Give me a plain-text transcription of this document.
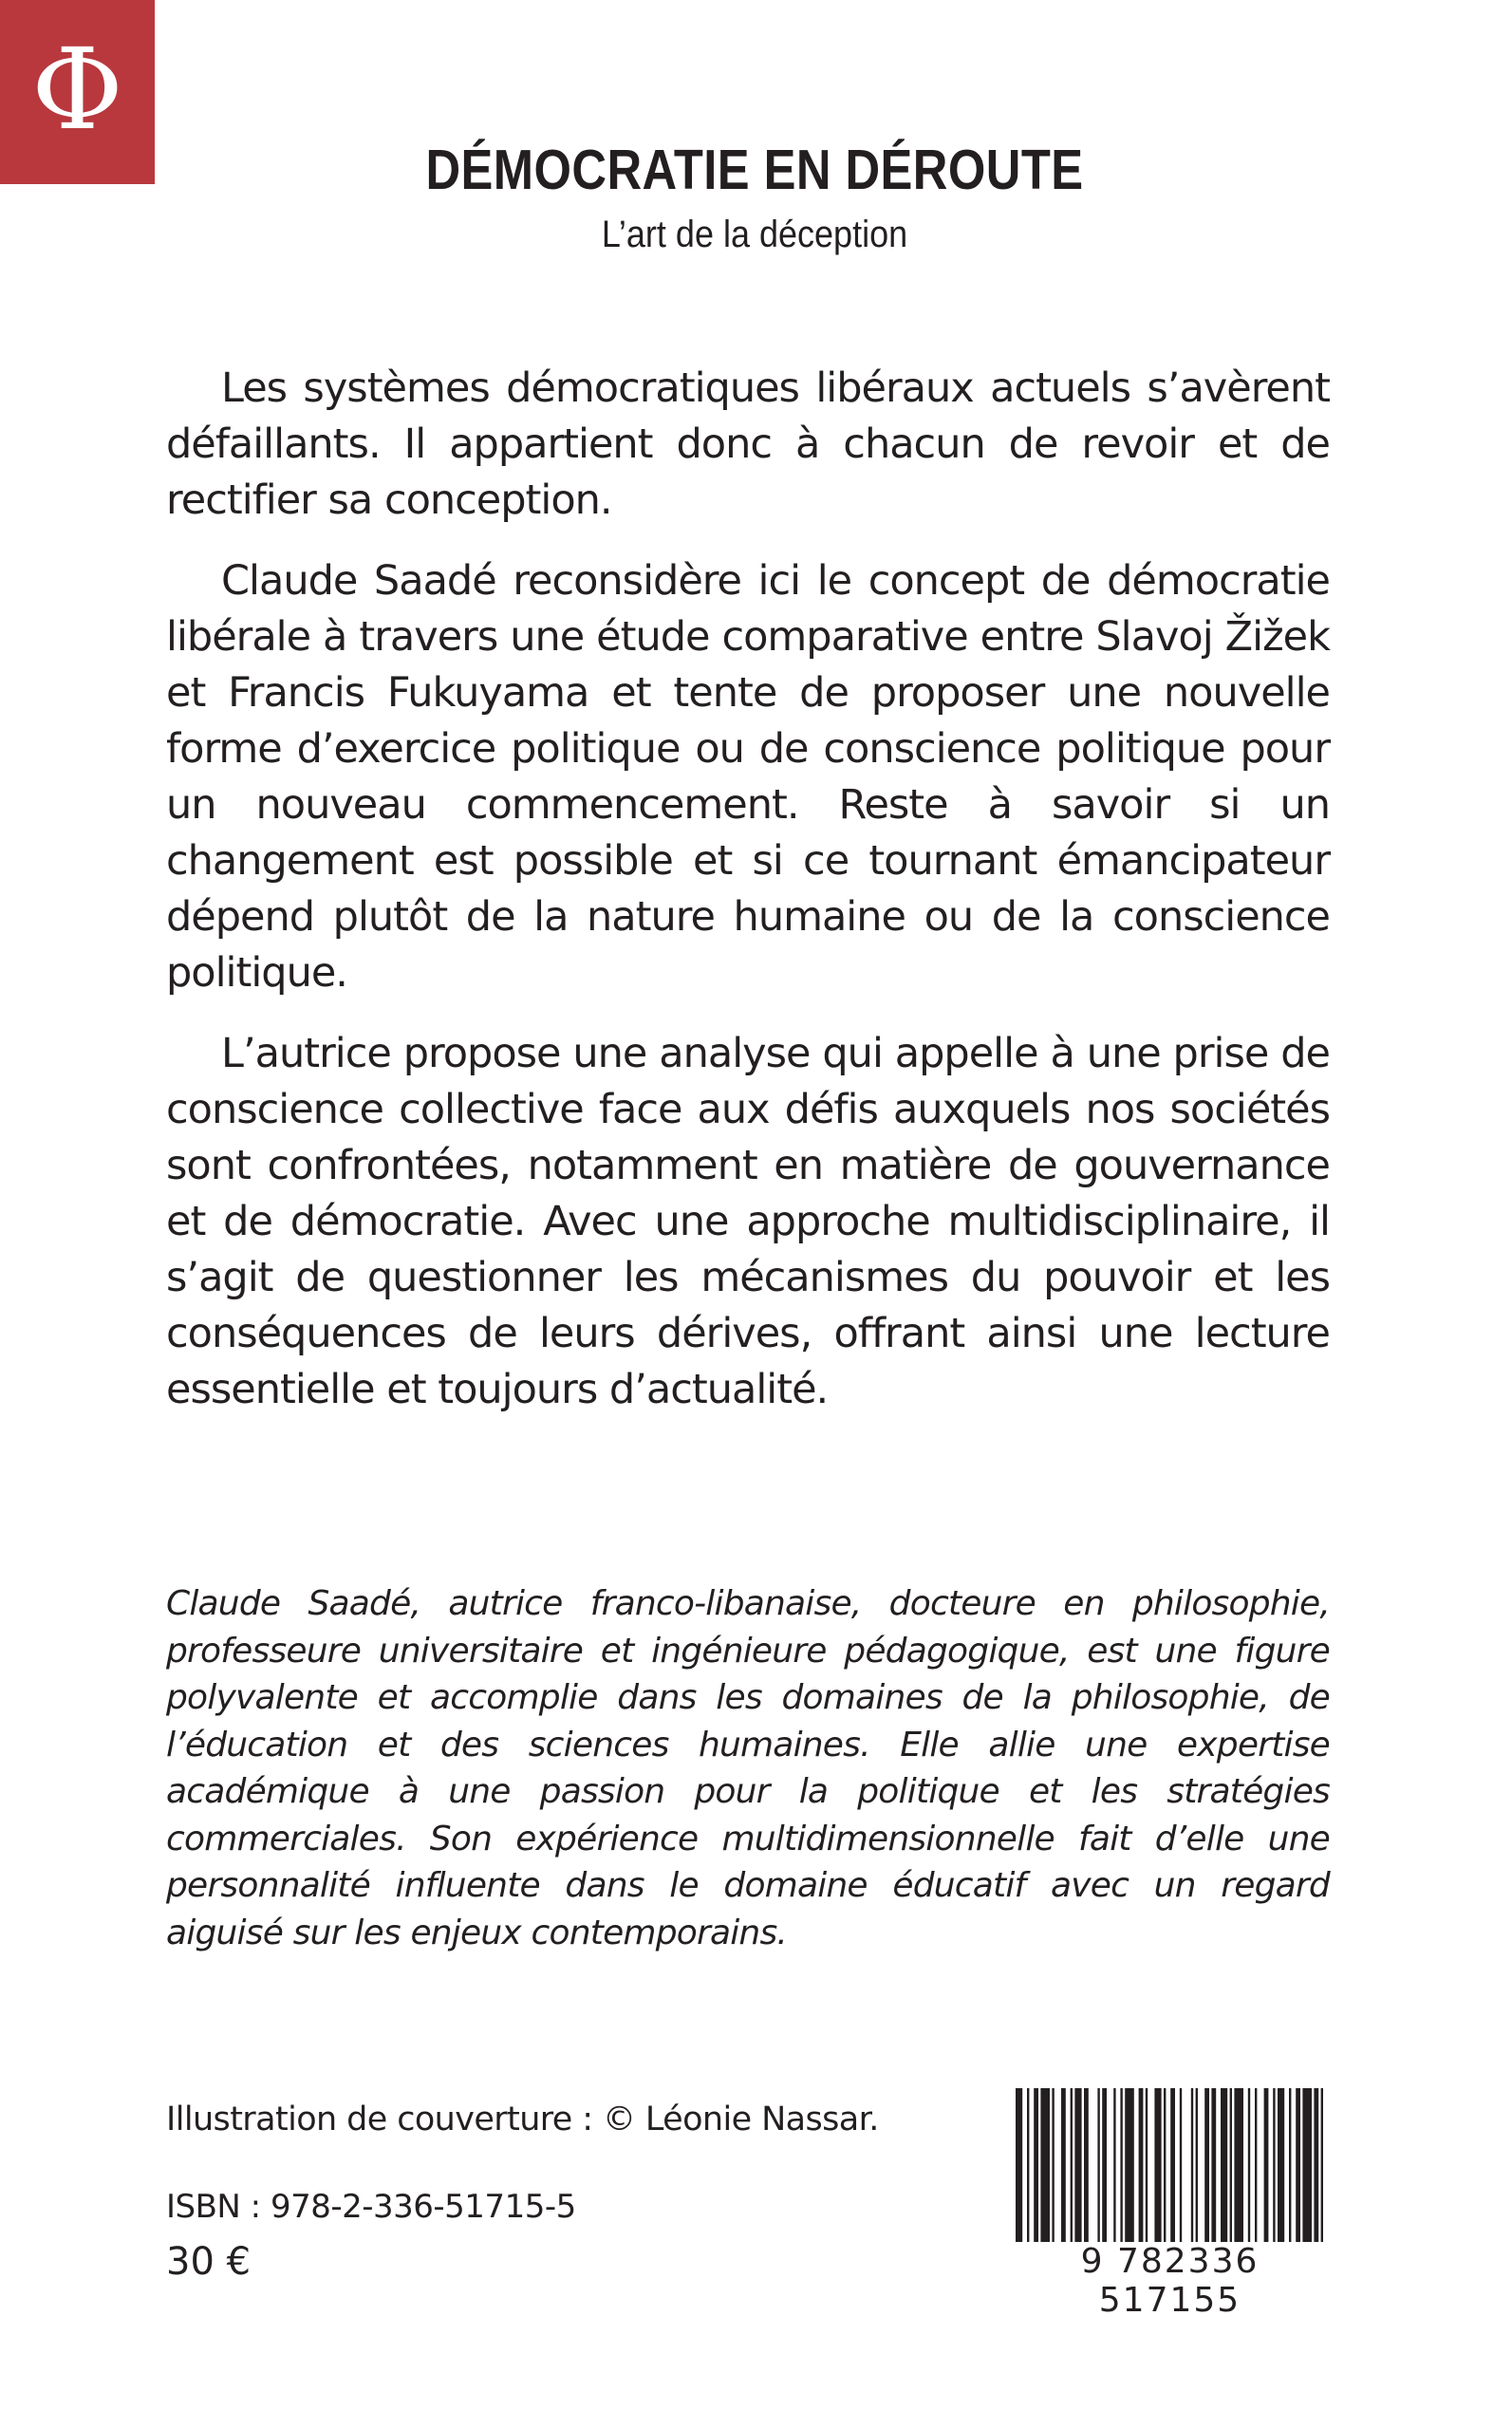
Φ
DÉMOCRATIE EN DÉROUTE
L’art de la déception

Les systèmes démocratiques libéraux actuels s’avèrent défaillants. Il appartient donc à chacun de revoir et de rectifier sa conception.

Claude Saadé reconsidère ici le concept de démocratie libérale à travers une étude comparative entre Slavoj Žižek et Francis Fukuyama et tente de proposer une nouvelle forme d’exercice politique ou de conscience politique pour un nouveau commencement. Reste à savoir si un changement est possible et si ce tournant émancipateur dépend plutôt de la nature humaine ou de la conscience politique.

L’autrice propose une analyse qui appelle à une prise de conscience collective face aux défis auxquels nos sociétés sont confrontées, notamment en matière de gouvernance et de démocratie. Avec une approche multidisciplinaire, il s’agit de questionner les mécanismes du pouvoir et les conséquences de leurs dérives, offrant ainsi une lecture essentielle et toujours d’actualité.

Claude Saadé, autrice franco-libanaise, docteure en philosophie, professeure universitaire et ingénieure pédagogique, est une figure polyvalente et accomplie dans les domaines de la philosophie, de l’éducation et des sciences humaines. Elle allie une expertise académique à une passion pour la politique et les stratégies commerciales. Son expérience multidimensionnelle fait d’elle une personnalité influente dans le domaine éducatif avec un regard aiguisé sur les enjeux contemporains.
Illustration de couverture : © Léonie Nassar.
ISBN : 978-2-336-51715-5
30 €	9 782336 517155
